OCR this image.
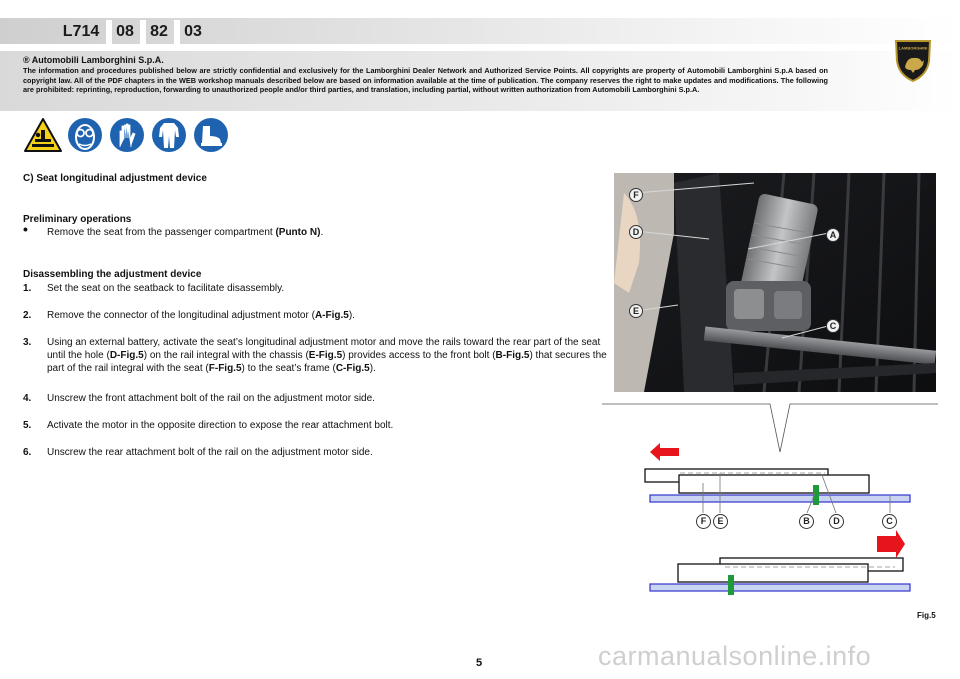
L714 08 82 03
® Automobili Lamborghini S.p.A.
The information and procedures published below are strictly confidential and exclusively for the Lamborghini Dealer Network and Authorized Service Points. All copyrights are property of Automobili Lamborghini S.p.A based on copyright law. All of the PDF chapters in the WEB workshop manuals described below are based on information available at the time of publication. The company reserves the right to make updates and modifications. The following are prohibited: reprinting, reproduction, forwarding to unauthorized people and/or third parties, and translation, including partial, without written authorization from Automobili Lamborghini S.p.A.
LAMBORGHINI
C) Seat longitudinal adjustment device
Preliminary operations
• Remove the seat from the passenger compartment (Punto N).
Disassembling the adjustment device
1. Set the seat on the seatback to facilitate disassembly.
2. Remove the connector of the longitudinal adjustment motor (A-Fig.5).
3. Using an external battery, activate the seat’s longitudinal adjustment motor and move the rails toward the rear part of the seat until the hole (D-Fig.5) on the rail integral with the chassis (E-Fig.5) provides access to the front bolt (B-Fig.5) that secures the part of the rail integral with the seat (F-Fig.5) to the seat’s frame (C-Fig.5).
4. Unscrew the front attachment bolt of the rail on the adjustment motor side.
5. Activate the motor in the opposite direction to expose the rear attachment bolt.
6. Unscrew the rear attachment bolt of the rail on the adjustment motor side.
F
D	A
E
C
F	E	B	D	C
Fig.5
5	carmanualsonline.info
